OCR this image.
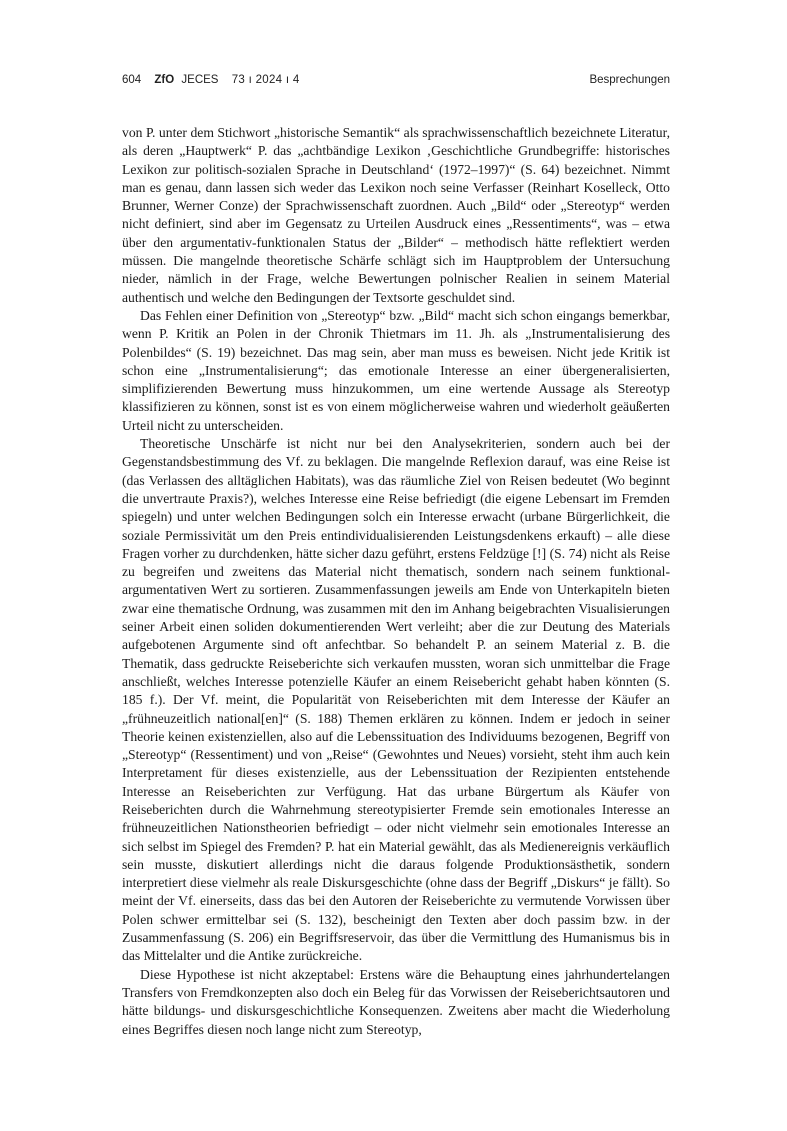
604 ZfO JECES 73 ı 2024 ı 4	Besprechungen

von P. unter dem Stichwort „historische Semantik“ als sprachwissenschaftlich bezeichnete Literatur, als deren „Hauptwerk“ P. das „achtbändige Lexikon ‚Geschichtliche Grundbegriffe: historisches Lexikon zur politisch-sozialen Sprache in Deutschland‘ (1972–1997)“ (S. 64) bezeichnet. Nimmt man es genau, dann lassen sich weder das Lexikon noch seine Verfasser (Reinhart Koselleck, Otto Brunner, Werner Conze) der Sprachwissenschaft zuordnen. Auch „Bild“ oder „Stereotyp“ werden nicht definiert, sind aber im Gegensatz zu Urteilen Ausdruck eines „Ressentiments“, was – etwa über den argumentativ-funktionalen Status der „Bilder“ – methodisch hätte reflektiert werden müssen. Die mangelnde theoretische Schärfe schlägt sich im Hauptproblem der Untersuchung nieder, nämlich in der Frage, welche Bewertungen polnischer Realien in seinem Material authentisch und welche den Bedingungen der Textsorte geschuldet sind.

Das Fehlen einer Definition von „Stereotyp“ bzw. „Bild“ macht sich schon eingangs bemerkbar, wenn P. Kritik an Polen in der Chronik Thietmars im 11. Jh. als „Instrumentalisierung des Polenbildes“ (S. 19) bezeichnet. Das mag sein, aber man muss es beweisen. Nicht jede Kritik ist schon eine „Instrumentalisierung“; das emotionale Interesse an einer übergeneralisierten, simplifizierenden Bewertung muss hinzukommen, um eine wertende Aussage als Stereotyp klassifizieren zu können, sonst ist es von einem möglicherweise wahren und wiederholt geäußerten Urteil nicht zu unterscheiden.

Theoretische Unschärfe ist nicht nur bei den Analysekriterien, sondern auch bei der Gegenstandsbestimmung des Vf. zu beklagen. Die mangelnde Reflexion darauf, was eine Reise ist (das Verlassen des alltäglichen Habitats), was das räumliche Ziel von Reisen bedeutet (Wo beginnt die unvertraute Praxis?), welches Interesse eine Reise befriedigt (die eigene Lebensart im Fremden spiegeln) und unter welchen Bedingungen solch ein Interesse erwacht (urbane Bürgerlichkeit, die soziale Permissivität um den Preis entindividualisierenden Leistungsdenkens erkauft) – alle diese Fragen vorher zu durchdenken, hätte sicher dazu geführt, erstens Feldzüge [!] (S. 74) nicht als Reise zu begreifen und zweitens das Material nicht thematisch, sondern nach seinem funktional-argumentativen Wert zu sortieren. Zusammenfassungen jeweils am Ende von Unterkapiteln bieten zwar eine thematische Ordnung, was zusammen mit den im Anhang beigebrachten Visualisierungen seiner Arbeit einen soliden dokumentierenden Wert verleiht; aber die zur Deutung des Materials aufgebotenen Argumente sind oft anfechtbar. So behandelt P. an seinem Material z. B. die Thematik, dass gedruckte Reiseberichte sich verkaufen mussten, woran sich unmittelbar die Frage anschließt, welches Interesse potenzielle Käufer an einem Reisebericht gehabt haben könnten (S. 185 f.). Der Vf. meint, die Popularität von Reiseberichten mit dem Interesse der Käufer an „frühneuzeitlich national[en]“ (S. 188) Themen erklären zu können. Indem er jedoch in seiner Theorie keinen existenziellen, also auf die Lebenssituation des Individuums bezogenen, Begriff von „Stereotyp“ (Ressentiment) und von „Reise“ (Gewohntes und Neues) vorsieht, steht ihm auch kein Interpretament für dieses existenzielle, aus der Lebenssituation der Rezipienten entstehende Interesse an Reiseberichten zur Verfügung. Hat das urbane Bürgertum als Käufer von Reiseberichten durch die Wahrnehmung stereotypisierter Fremde sein emotionales Interesse an frühneuzeitlichen Nationstheorien befriedigt – oder nicht vielmehr sein emotionales Interesse an sich selbst im Spiegel des Fremden? P. hat ein Material gewählt, das als Medienereignis verkäuflich sein musste, diskutiert allerdings nicht die daraus folgende Produktionsästhetik, sondern interpretiert diese vielmehr als reale Diskursgeschichte (ohne dass der Begriff „Diskurs“ je fällt). So meint der Vf. einerseits, dass das bei den Autoren der Reiseberichte zu vermutende Vorwissen über Polen schwer ermittelbar sei (S. 132), bescheinigt den Texten aber doch passim bzw. in der Zusammenfassung (S. 206) ein Begriffsreservoir, das über die Vermittlung des Humanismus bis in das Mittelalter und die Antike zurückreiche.

Diese Hypothese ist nicht akzeptabel: Erstens wäre die Behauptung eines jahrhundertelangen Transfers von Fremdkonzepten also doch ein Beleg für das Vorwissen der Reiseberichtsautoren und hätte bildungs- und diskursgeschichtliche Konsequenzen. Zweitens aber macht die Wiederholung eines Begriffes diesen noch lange nicht zum Stereotyp,
